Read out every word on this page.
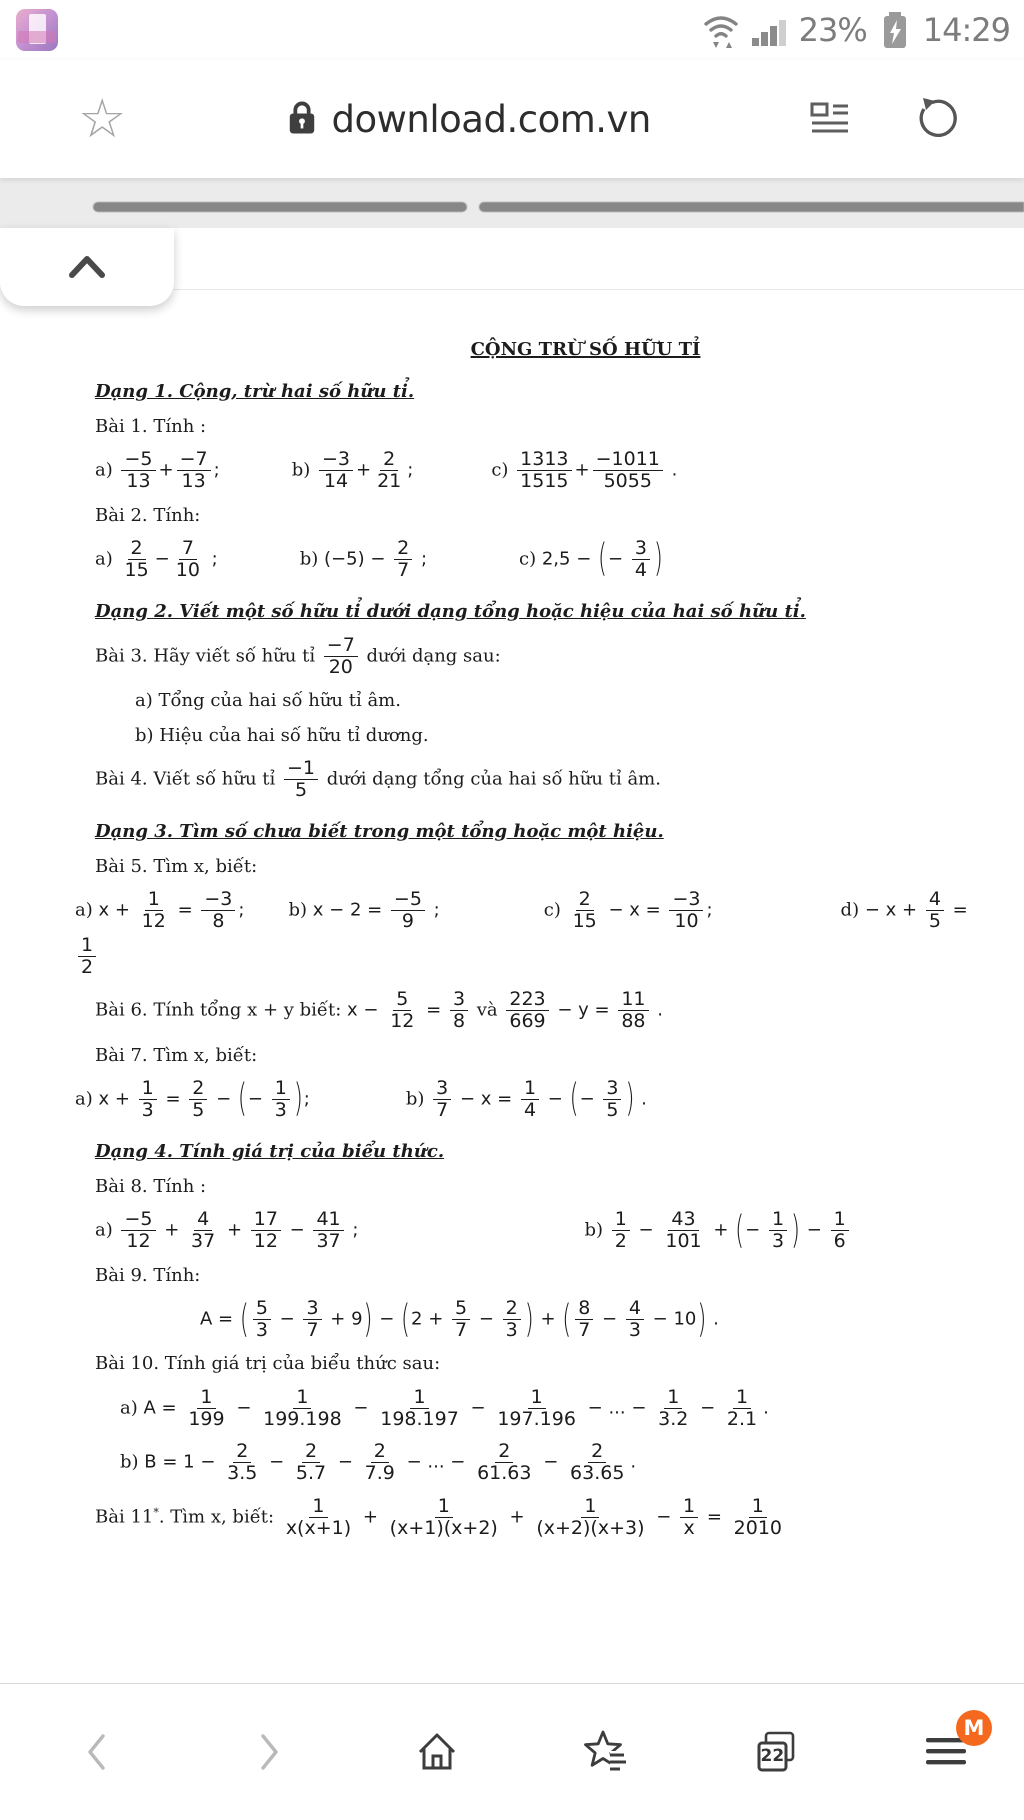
23% 14:29
☆	download.com.vn
CỘNG TRỪ SỐ HỮU TỈ
Dạng 1. Cộng, trừ hai số hữu tỉ.
Bài 1. Tính :
$a) \frac{-5}{13} + \frac{-7}{13}$ ;	$b) \frac{-3}{14} + \frac{2}{21}$ ;	$c) \frac{1313}{1515} + \frac{-1011}{5055}$ .
Bài 2. Tính:
$a) \frac{2}{15} - \frac{7}{10}$ ;	b) $(-5) - \frac{2}{7}$ ;	c) 2,5 − (− $\frac{3}{4}$ )
Dạng 2. Viết một số hữu tỉ dưới dạng tổng hoặc hiệu của hai số hữu tỉ.
Bài 3. Hãy viết số hữu tỉ $\frac{-7}{20}$ dưới dạng sau:
a) Tổng của hai số hữu tỉ âm.
b) Hiệu của hai số hữu tỉ dương.
Bài 4. Viết số hữu tỉ $\frac{-1}{5}$ dưới dạng tổng của hai số hữu tỉ âm.
Dạng 3. Tìm số chưa biết trong một tổng hoặc một hiệu.
Bài 5. Tìm x, biết:
a) $x + \frac{1}{12} = \frac{-3}{8}$ ; b) $x - 2 = \frac{-5}{9}$ ;	$c) \frac{2}{15} - x = \frac{-3}{10}$ ;	$d) - x + \frac{4}{5}$ =
$\frac{1}{2}$
Bài 6. Tính tổng x + y biết: $x - \frac{5}{12} = \frac{3}{8}$ và $\frac{223}{669} - y = \frac{11}{88}$ .
Bài 7. Tìm x, biết:
a) $x + \frac{1}{3} = \frac{2}{5}$ − (− $\frac{1}{3}$ );	$b) \frac{3}{7} - x = \frac{1}{4}$ − (− $\frac{3}{5}$ ) .
Dạng 4. Tính giá trị của biểu thức.
Bài 8. Tính :
$a) \frac{-5}{12} + \frac{4}{37} + \frac{17}{12} - \frac{41}{37}$ ;	$b) \frac{1}{2} - \frac{43}{101}$ + (− $\frac{1}{3}$ ) − $\frac{1}{6}$
Bài 9. Tính:
A = ( $\frac{5}{3} - \frac{3}{7} + 9) - (2 + \frac{5}{7} - \frac{2}{3}$ ) + ( $\frac{8}{7} - \frac{4}{3} - 10$) .
Bài 10. Tính giá trị của biểu thức sau:
a) $A = \frac{1}{199} - \frac{1}{199.198} - \frac{1}{198.197} - \frac{1}{197.196}$ − ... − $\frac{1}{3.2} - \frac{1}{2.1}$ .
b) $B = 1 - \frac{2}{3.5} - \frac{2}{5.7} - \frac{2}{7.9}$ − ... − $\frac{2}{61.63} - \frac{2}{63.65}$ .
Bài 11*. Tìm x, biết: $\frac{1}{x(x+1)} + \frac{1}{(x+1)(x+2)} + \frac{1}{(x+2)(x+3)} - \frac{1}{x} = \frac{1}{2010}$
22
M
